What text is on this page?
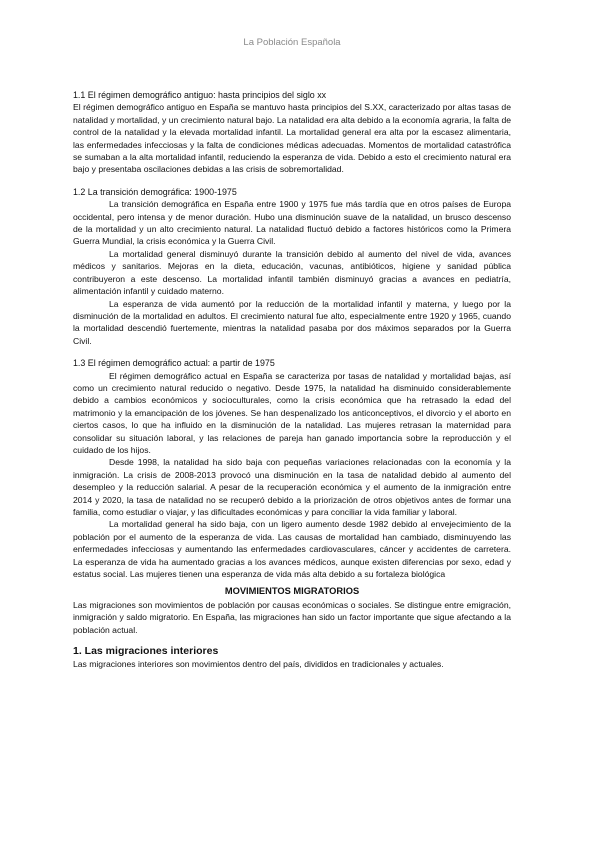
La Población Española
1.1 El régimen demográfico antiguo: hasta principios del siglo xx

El régimen demográfico antiguo en España se mantuvo hasta principios del S.XX, caracterizado por altas tasas de natalidad y mortalidad, y un crecimiento natural bajo. La natalidad era alta debido a la economía agraria, la falta de control de la natalidad y la elevada mortalidad infantil. La mortalidad general era alta por la escasez alimentaria, las enfermedades infecciosas y la falta de condiciones médicas adecuadas. Momentos de mortalidad catastrófica se sumaban a la alta mortalidad infantil, reduciendo la esperanza de vida. Debido a esto el crecimiento natural era bajo y presentaba oscilaciones debidas a las crisis de sobremortalidad.

1.2 La transición demográfica: 1900-1975

La transición demográfica en España entre 1900 y 1975 fue más tardía que en otros países de Europa occidental, pero intensa y de menor duración. Hubo una disminución suave de la natalidad, un brusco descenso de la mortalidad y un alto crecimiento natural. La natalidad fluctuó debido a factores históricos como la Primera Guerra Mundial, la crisis económica y la Guerra Civil.

La mortalidad general disminuyó durante la transición debido al aumento del nivel de vida, avances médicos y sanitarios. Mejoras en la dieta, educación, vacunas, antibióticos, higiene y sanidad pública contribuyeron a este descenso. La mortalidad infantil también disminuyó gracias a avances en pediatría, alimentación infantil y cuidado materno.

La esperanza de vida aumentó por la reducción de la mortalidad infantil y materna, y luego por la disminución de la mortalidad en adultos. El crecimiento natural fue alto, especialmente entre 1920 y 1965, cuando la mortalidad descendió fuertemente, mientras la natalidad pasaba por dos máximos separados por la Guerra Civil.

1.3 El régimen demográfico actual: a partir de 1975

El régimen demográfico actual en España se caracteriza por tasas de natalidad y mortalidad bajas, así como un crecimiento natural reducido o negativo. Desde 1975, la natalidad ha disminuido considerablemente debido a cambios económicos y socioculturales, como la crisis económica que ha retrasado la edad del matrimonio y la emancipación de los jóvenes. Se han despenalizado los anticonceptivos, el divorcio y el aborto en ciertos casos, lo que ha influido en la disminución de la natalidad. Las mujeres retrasan la maternidad para consolidar su situación laboral, y las relaciones de pareja han ganado importancia sobre la reproducción y el cuidado de los hijos.

Desde 1998, la natalidad ha sido baja con pequeñas variaciones relacionadas con la economía y la inmigración. La crisis de 2008-2013 provocó una disminución en la tasa de natalidad debido al aumento del desempleo y la reducción salarial. A pesar de la recuperación económica y el aumento de la inmigración entre 2014 y 2020, la tasa de natalidad no se recuperó debido a la priorización de otros objetivos antes de formar una familia, como estudiar o viajar, y las dificultades económicas y para conciliar la vida familiar y laboral.

La mortalidad general ha sido baja, con un ligero aumento desde 1982 debido al envejecimiento de la población por el aumento de la esperanza de vida. Las causas de mortalidad han cambiado, disminuyendo las enfermedades infecciosas y aumentando las enfermedades cardiovasculares, cáncer y accidentes de carretera. La esperanza de vida ha aumentado gracias a los avances médicos, aunque existen diferencias por sexo, edad y estatus social. Las mujeres tienen una esperanza de vida más alta debido a su fortaleza biológica

MOVIMIENTOS MIGRATORIOS

Las migraciones son movimientos de población por causas económicas o sociales. Se distingue entre emigración, inmigración y saldo migratorio. En España, las migraciones han sido un factor importante que sigue afectando a la población actual.

1. Las migraciones interiores

Las migraciones interiores son movimientos dentro del país, divididos en tradicionales y actuales.
